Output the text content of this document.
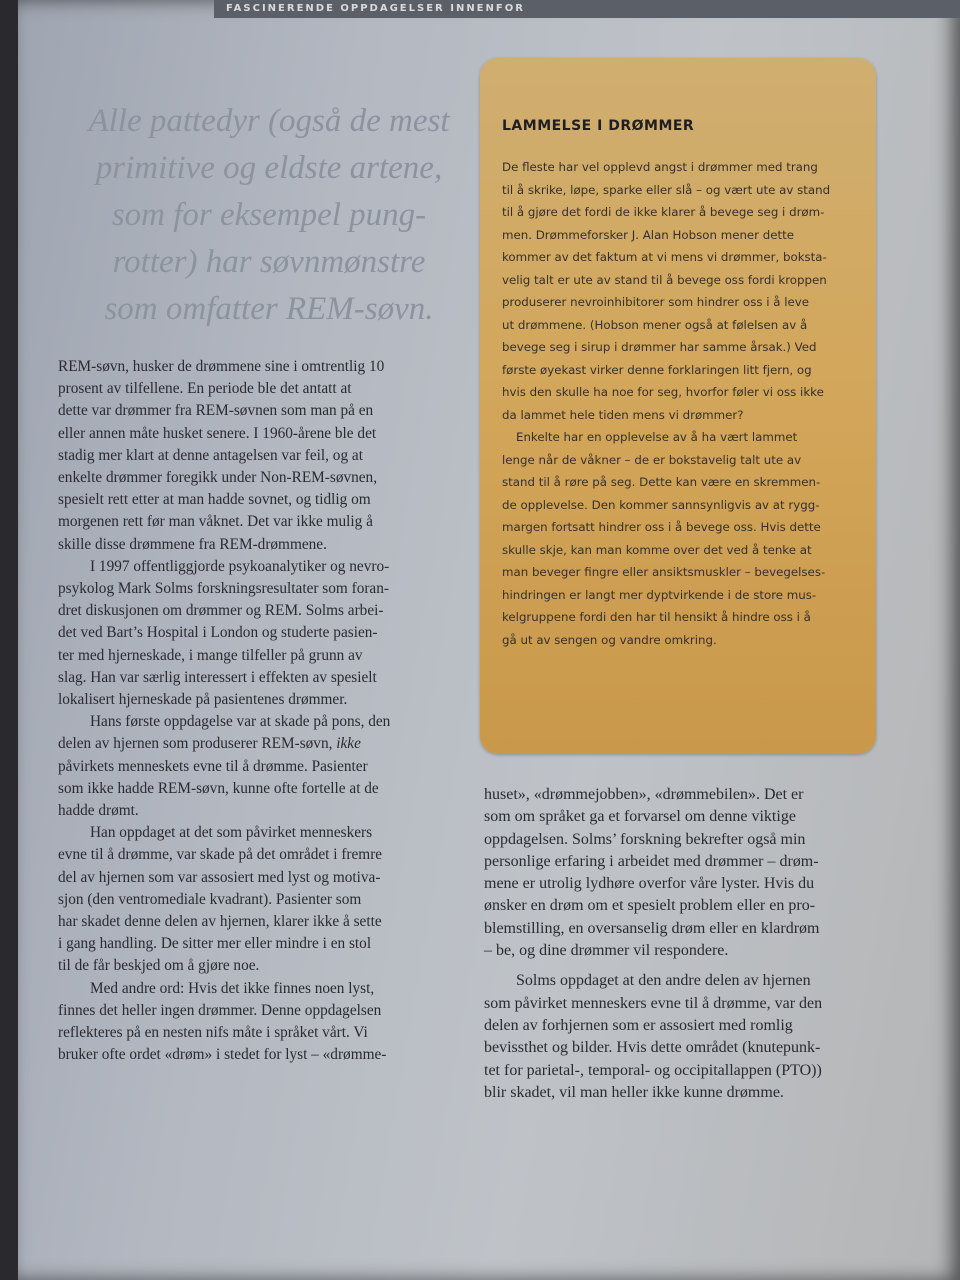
FASCINERENDE OPPDAGELSER INNENFOR
Alle pattedyr (også de mest
primitive og eldste artene,
som for eksempel pung-
rotter) har søvnmønstre
som omfatter REM-søvn.
LAMMELSE I DRØMMER
De fleste har vel opplevd angst i drømmer med trang
til å skrike, løpe, sparke eller slå – og vært ute av stand
til å gjøre det fordi de ikke klarer å bevege seg i drøm-
men. Drømmeforsker J. Alan Hobson mener dette
kommer av det faktum at vi mens vi drømmer, boksta-
velig talt er ute av stand til å bevege oss fordi kroppen
produserer nevroinhibitorer som hindrer oss i å leve
ut drømmene. (Hobson mener også at følelsen av å
bevege seg i sirup i drømmer har samme årsak.) Ved
første øyekast virker denne forklaringen litt fjern, og
hvis den skulle ha noe for seg, hvorfor føler vi oss ikke
da lammet hele tiden mens vi drømmer?
Enkelte har en opplevelse av å ha vært lammet
lenge når de våkner – de er bokstavelig talt ute av
stand til å røre på seg. Dette kan være en skremmen-
de opplevelse. Den kommer sannsynligvis av at rygg-
margen fortsatt hindrer oss i å bevege oss. Hvis dette
skulle skje, kan man komme over det ved å tenke at
man beveger fingre eller ansiktsmuskler – bevegelses-
hindringen er langt mer dyptvirkende i de store mus-
kelgruppene fordi den har til hensikt å hindre oss i å
gå ut av sengen og vandre omkring.
REM-søvn, husker de drømmene sine i omtrentlig 10
prosent av tilfellene. En periode ble det antatt at
dette var drømmer fra REM-søvnen som man på en
eller annen måte husket senere. I 1960-årene ble det
stadig mer klart at denne antagelsen var feil, og at
enkelte drømmer foregikk under Non-REM-søvnen,
spesielt rett etter at man hadde sovnet, og tidlig om
morgenen rett før man våknet. Det var ikke mulig å
skille disse drømmene fra REM-drømmene.
I 1997 offentliggjorde psykoanalytiker og nevro-
psykolog Mark Solms forskningsresultater som foran-
dret diskusjonen om drømmer og REM. Solms arbei-
det ved Bart’s Hospital i London og studerte pasien-
ter med hjerneskade, i mange tilfeller på grunn av
slag. Han var særlig interessert i effekten av spesielt
lokalisert hjerneskade på pasientenes drømmer.
Hans første oppdagelse var at skade på pons, den
delen av hjernen som produserer REM-søvn, ikke
påvirkets menneskets evne til å drømme. Pasienter
som ikke hadde REM-søvn, kunne ofte fortelle at de
hadde drømt.
Han oppdaget at det som påvirket menneskers
evne til å drømme, var skade på det området i fremre
del av hjernen som var assosiert med lyst og motiva-
sjon (den ventromediale kvadrant). Pasienter som
har skadet denne delen av hjernen, klarer ikke å sette
i gang handling. De sitter mer eller mindre i en stol
til de får beskjed om å gjøre noe.
Med andre ord: Hvis det ikke finnes noen lyst,
finnes det heller ingen drømmer. Denne oppdagelsen
reflekteres på en nesten nifs måte i språket vårt. Vi
bruker ofte ordet «drøm» i stedet for lyst – «drømme-
huset», «drømmejobben», «drømmebilen». Det er
som om språket ga et forvarsel om denne viktige
oppdagelsen. Solms’ forskning bekrefter også min
personlige erfaring i arbeidet med drømmer – drøm-
mene er utrolig lydhøre overfor våre lyster. Hvis du
ønsker en drøm om et spesielt problem eller en pro-
blemstilling, en oversanselig drøm eller en klardrøm
– be, og dine drømmer vil respondere.
Solms oppdaget at den andre delen av hjernen
som påvirket menneskers evne til å drømme, var den
delen av forhjernen som er assosiert med romlig
bevissthet og bilder. Hvis dette området (knutepunk-
tet for parietal-, temporal- og occipitallappen (PTO))
blir skadet, vil man heller ikke kunne drømme.
